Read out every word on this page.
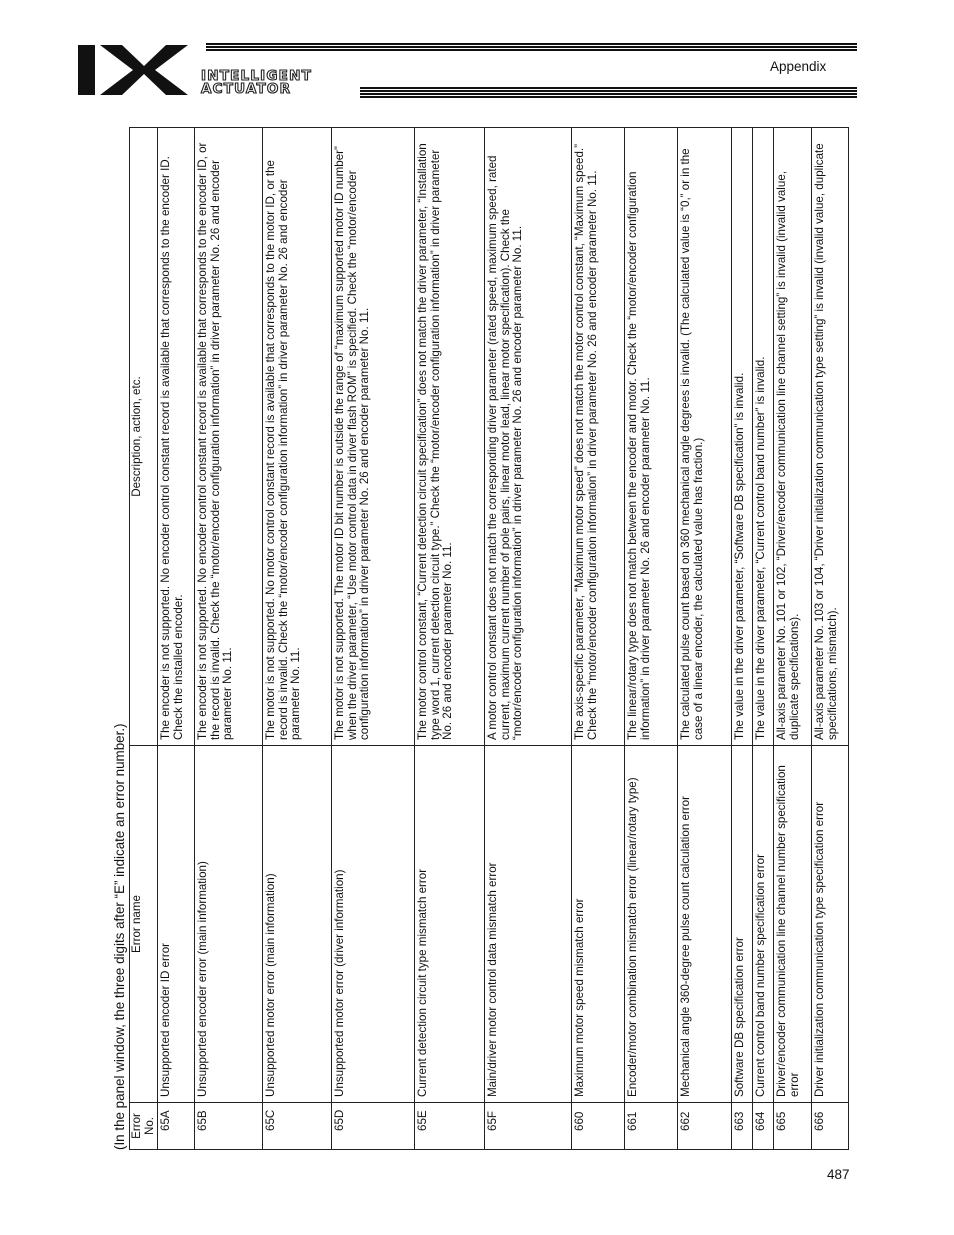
INTELLIGENT
ACTUATOR
Appendix
(In the panel window, the three digits after “E” indicate an error number.) Error No.	Error name	Description, action, etc.
65A	Unsupported encoder ID error	The encoder is not supported. No encoder control constant record is available that corresponds to the encoder ID. Check the installed encoder.
65B	Unsupported encoder error (main information)	The encoder is not supported. No encoder control constant record is available that corresponds to the encoder ID, or the record is invalid. Check the “motor/encoder configuration information” in driver parameter No. 26 and encoder parameter No. 11.
65C	Unsupported motor error (main information)	The motor is not supported. No motor control constant record is available that corresponds to the motor ID, or the record is invalid. Check the “motor/encoder configuration information” in driver parameter No. 26 and encoder parameter No. 11.
65D	Unsupported motor error (driver information)	The motor is not supported. The motor ID bit number is outside the range of “maximum supported motor ID number” when the driver parameter, “Use motor control data in driver flash ROM” is specified. Check the “motor/encoder configuration information” in driver parameter No. 26 and encoder parameter No. 11.
65E	Current detection circuit type mismatch error	The motor control constant, “Current detection circuit specification” does not match the driver parameter, “Installation type word 1, current detection circuit type.” Check the “motor/encoder configuration information” in driver parameter No. 26 and encoder parameter No. 11.
65F	Main/driver motor control data mismatch error	A motor control constant does not match the corresponding driver parameter (rated speed, maximum speed, rated current, maximum current number of pole pairs, linear motor lead, linear motor specification). Check the “motor/encoder configuration information” in driver parameter No. 26 and encoder parameter No. 11.
660	Maximum motor speed mismatch error	The axis-specific parameter, “Maximum motor speed” does not match the motor control constant, “Maximum speed.” Check the “motor/encoder configuration information” in driver parameter No. 26 and encoder parameter No. 11.
661	Encoder/motor combination mismatch error (linear/rotary type)	The linear/rotary type does not match between the encoder and motor. Check the “motor/encoder configuration information” in driver parameter No. 26 and encoder parameter No. 11.
662	Mechanical angle 360-degree pulse count calculation error	The calculated pulse count based on 360 mechanical angle degrees is invalid. (The calculated value is “0,” or in the case of a linear encoder, the calculated value has fraction.)
663	Software DB specification error	The value in the driver parameter, “Software DB specification” is invalid.
664	Current control band number specification error	The value in the driver parameter, “Current control band number” is invalid.
665	Driver/encoder communication line channel number specification error	All-axis parameter No. 101 or 102, “Driver/encoder communication line channel setting” is invalid (invalid value, duplicate specifications).
666	Driver initialization communication type specification error	All-axis parameter No. 103 or 104, “Driver initialization communication type setting” is invalid (invalid value, duplicate specifications, mismatch).
487
